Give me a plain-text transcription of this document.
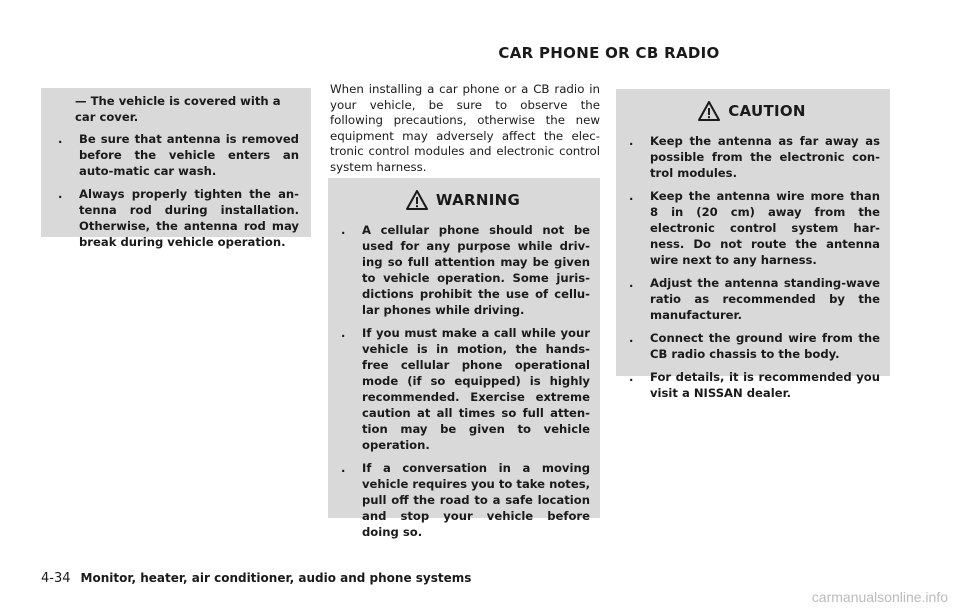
CAR PHONE OR CB RADIO
— The vehicle is covered with a car cover.
. Be sure that antenna is removed before the vehicle enters an auto-matic car wash.
. Always properly tighten the an-tenna rod during installation. Otherwise, the antenna rod may break during vehicle operation.
When installing a car phone or a CB radio in your vehicle, be sure to observe the following precautions, otherwise the new equipment may adversely affect the elec-tronic control modules and electronic control system harness.
WARNING
. A cellular phone should not be used for any purpose while driv-ing so full attention may be given to vehicle operation. Some juris-dictions prohibit the use of cellu-lar phones while driving.
. If you must make a call while your vehicle is in motion, the hands-free cellular phone operational mode (if so equipped) is highly recommended. Exercise extreme caution at all times so full atten-tion may be given to vehicle operation.
. If a conversation in a moving vehicle requires you to take notes, pull off the road to a safe location and stop your vehicle before doing so.
CAUTION
. Keep the antenna as far away as possible from the electronic con-trol modules.
. Keep the antenna wire more than 8 in (20 cm) away from the electronic control system har-ness. Do not route the antenna wire next to any harness.
. Adjust the antenna standing-wave ratio as recommended by the manufacturer.
. Connect the ground wire from the CB radio chassis to the body.
. For details, it is recommended you visit a NISSAN dealer.
4-34 Monitor, heater, air conditioner, audio and phone systems
carmanualsonline.info
